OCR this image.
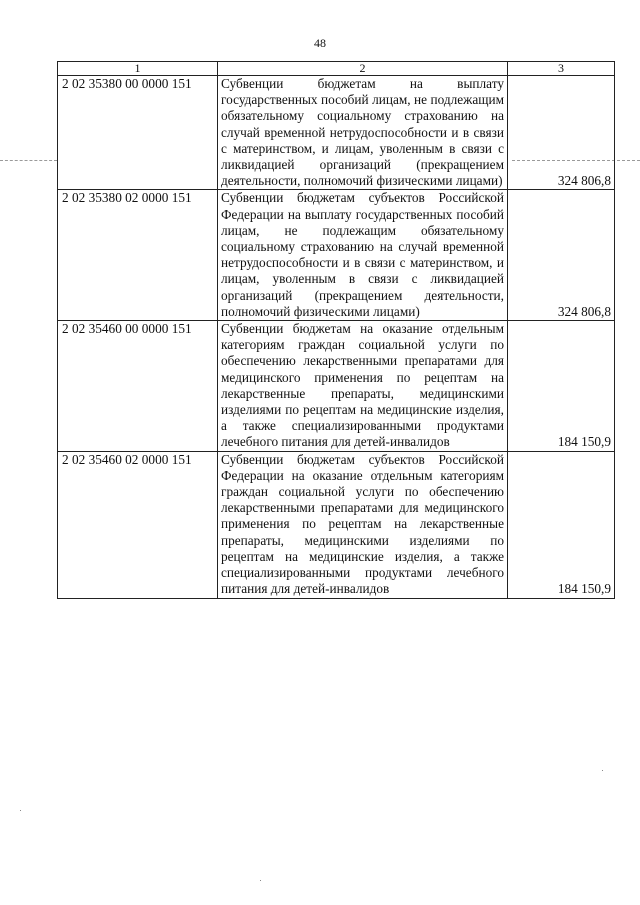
48
1	2	3
2 02 35380 00 0000 151	Субвенции бюджетам на выплату государственных пособий лицам, не подлежащим обязательному социальному страхованию на случай временной нетрудоспособности и в связи с материнством, и лицам, уволенным в связи с ликвидацией организаций (прекращением деятельности, полномочий физическими лицами)	324 806,8
2 02 35380 02 0000 151	Субвенции бюджетам субъектов Российской Федерации на выплату государственных пособий лицам, не подлежащим обязательному социальному страхованию на случай временной нетрудоспособности и в связи с материнством, и лицам, уволенным в связи с ликвидацией организаций (прекращением деятельности, полномочий физическими лицами)	324 806,8
2 02 35460 00 0000 151	Субвенции бюджетам на оказание отдельным категориям граждан социальной услуги по обеспечению лекарственными препаратами для медицинского применения по рецептам на лекарственные препараты, медицинскими изделиями по рецептам на медицинские изделия, а также специализированными продуктами лечебного питания для детей-инвалидов	184 150,9
2 02 35460 02 0000 151	Субвенции бюджетам субъектов Российской Федерации на оказание отдельным категориям граждан социальной услуги по обеспечению лекарственными препаратами для медицинского применения по рецептам на лекарственные препараты, медицинскими изделиями по рецептам на медицинские изделия, а также специализированными продуктами лечебного питания для детей-инвалидов	184 150,9
